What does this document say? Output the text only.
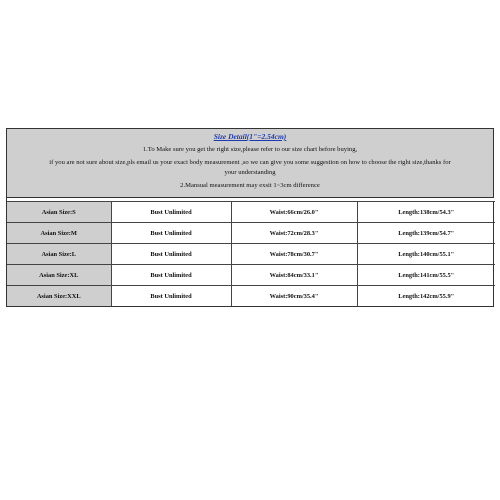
Size Detail(1"=2.54cm)
1.To Make sure you get the right size,please refer to our size chart before buying,
if you are not sure about size,pls email us your exact body measurement ,so we can give you some suggestion on how to choose the right size,thanks for
your understanding
2.Mansual measurement may exsit 1~3cm difference

Asian Size:S	Bust Unlimited	Waist:66cm/26.0"	Length:138cm/54.3"
Asian Size:M	Bust Unlimited	Waist:72cm/28.3"	Length:139cm/54.7"
Asian Size:L	Bust Unlimited	Waist:78cm/30.7"	Length:140cm/55.1"
Asian Size:XL	Bust Unlimited	Waist:84cm/33.1"	Length:141cm/55.5"
Asian Size:XXL	Bust Unlimited	Waist:90cm/35.4"	Length:142cm/55.9"
